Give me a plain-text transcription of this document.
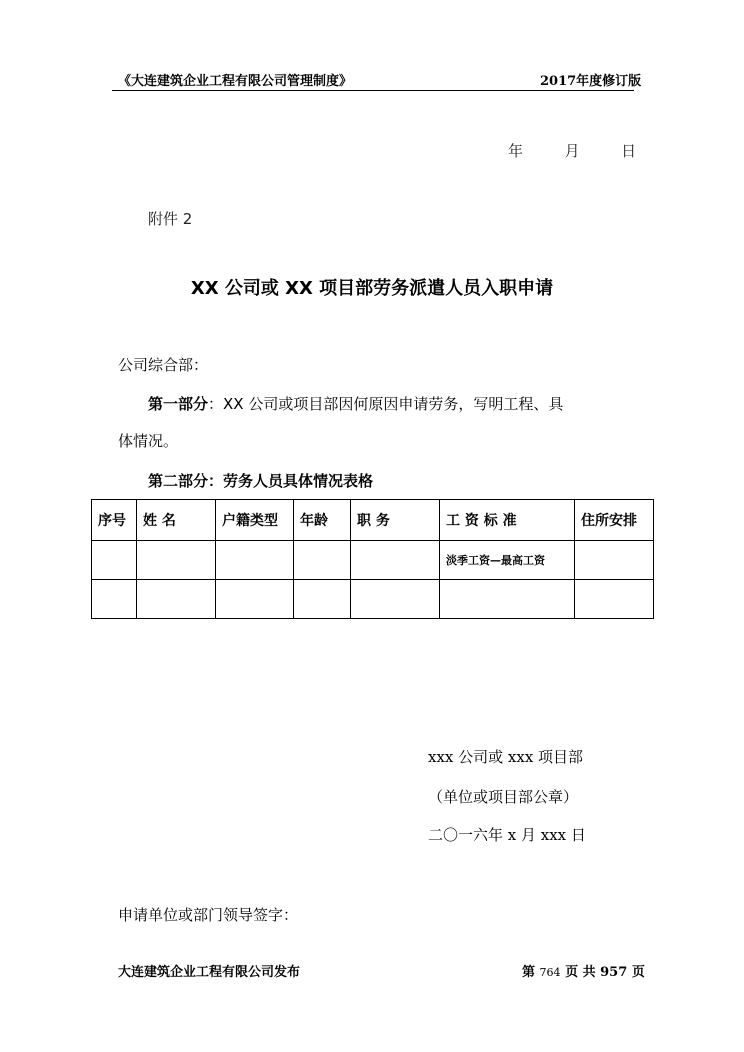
《大连建筑企业工程有限公司管理制度》	2017年度修订版
年	月	日
附件 2
XX 公司或 XX 项目部劳务派遣人员入职申请
公司综合部：
第一部分：XX 公司或项目部因何原因申请劳务，写明工程、具
体情况。
第二部分：劳务人员具体情况表格
序号	姓 名	户籍类型	年龄	职 务	工 资 标 准	住所安排
					淡季工资—最高工资	

xxx 公司或 xxx 项目部
（单位或项目部公章）
二〇一六年 x 月 xxx 日
申请单位或部门领导签字：
大连建筑企业工程有限公司发布	第 764 页 共 957 页
